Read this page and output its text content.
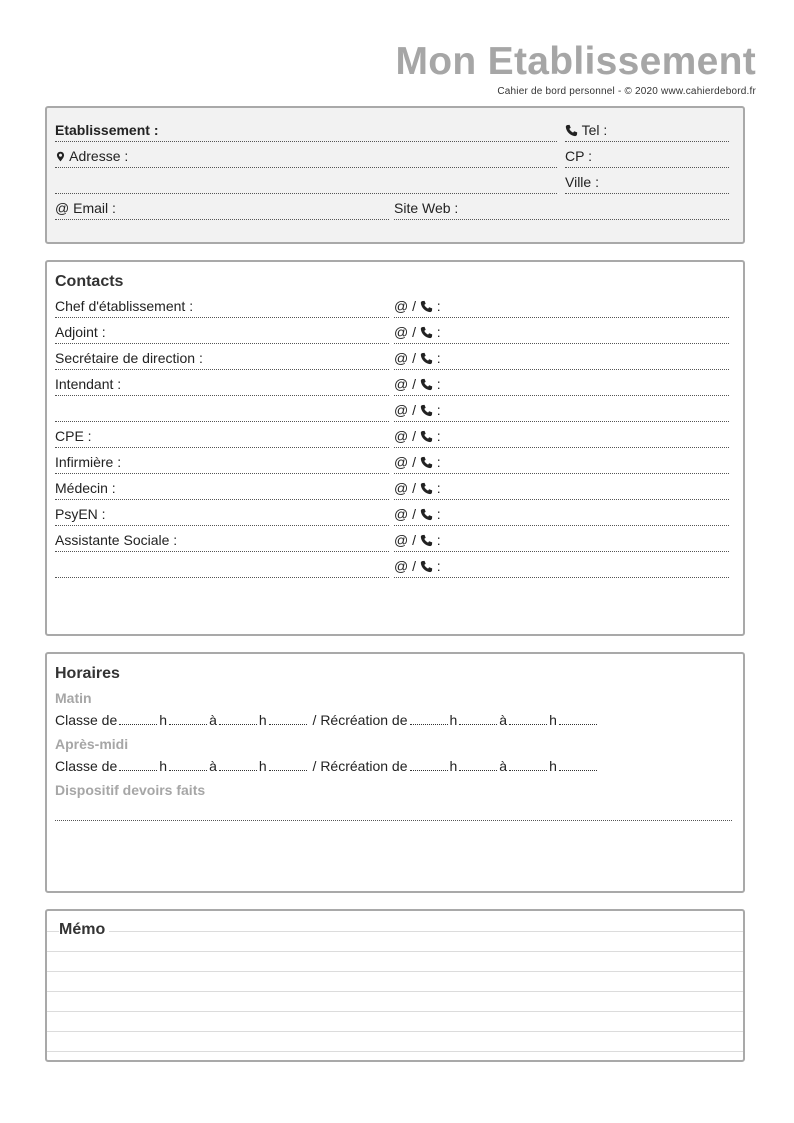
Mon Etablissement
Cahier de bord personnel - © 2020 www.cahierdebord.fr
Etablissement :	Tel :
Adresse :	CP :
Ville :
@ Email :	Site Web :
Contacts
Chef d'établissement :	@ / :
Adjoint :	@ / :
Secrétaire de direction :	@ / :
Intendant :	@ / :
@ / :
CPE :	@ / :
Infirmière :	@ / :
Médecin :	@ / :
PsyEN :	@ / :
Assistante Sociale :	@ / :
@ / :
Horaires
Matin
Classe de	h	à	h	/ Récréation de	h	à	h
Après-midi
Classe de	h	à	h	/ Récréation de	h	à	h
Dispositif devoirs faits
Mémo
